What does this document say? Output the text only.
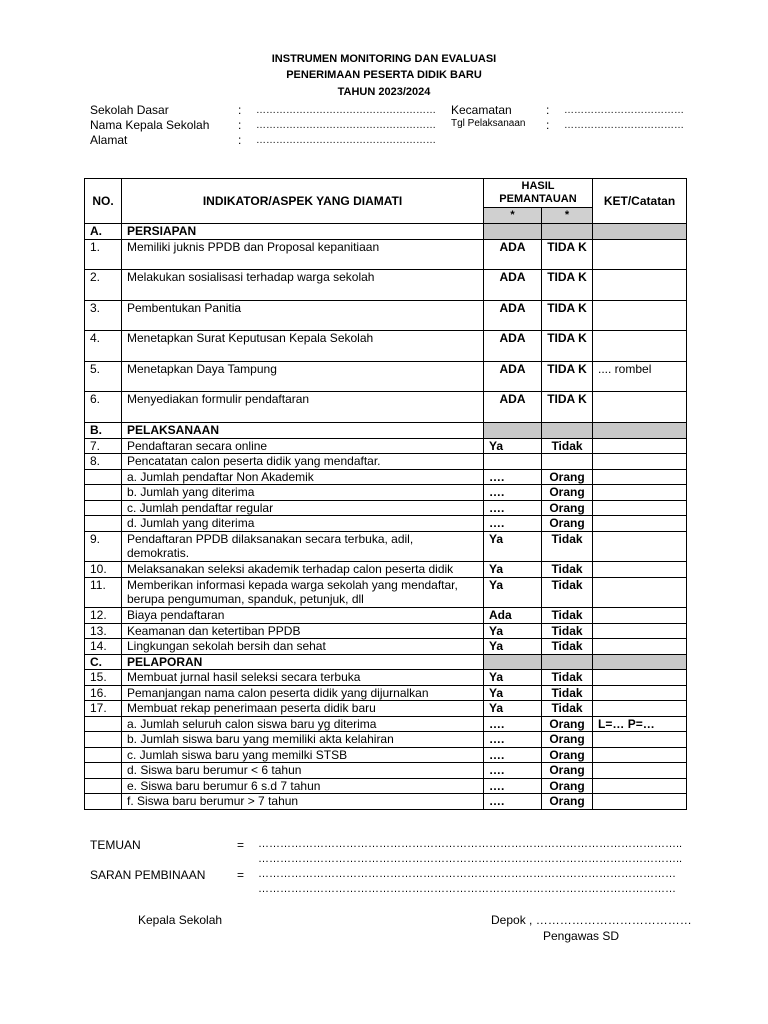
INSTRUMEN MONITORING DAN EVALUASI
PENERIMAAN PESERTA DIDIK BARU
TAHUN 2023/2024
Sekolah Dasar	: ……………………………………………… Kecamatan	: ………………………………
Nama Kepala Sekolah : ……………………………………………… Tgl Pelaksanaan : ………………………………
Alamat	: ………………………………………………
NO.	INDIKATOR/ASPEK YANG DIAMATI	HASIL PEMANTAUAN		KET/Catatan
		*	*	
A.	PERSIAPAN			
1.	Memiliki juknis PPDB dan Proposal kepanitiaan	ADA	TIDA K	
2.	Melakukan sosialisasi terhadap warga sekolah	ADA	TIDA K	
3.	Pembentukan Panitia	ADA	TIDA K	
4.	Menetapkan Surat Keputusan Kepala Sekolah	ADA	TIDA K	
5.	Menetapkan Daya Tampung	ADA	TIDA K	.... rombel
6.	Menyediakan formulir pendaftaran	ADA	TIDA K	
B.	PELAKSANAAN			
7.	Pendaftaran secara online	Ya	Tidak	
8.	Pencatatan calon peserta didik yang mendaftar.			
	a. Jumlah pendaftar Non Akademik	….	Orang	
	b. Jumlah yang diterima	….	Orang	
	c. Jumlah pendaftar regular	….	Orang	
	d. Jumlah yang diterima	….	Orang	
9.	Pendaftaran PPDB dilaksanakan secara terbuka, adil, demokratis.	Ya	Tidak	
10.	Melaksanakan seleksi akademik terhadap calon peserta didik	Ya	Tidak	
11.	Memberikan informasi kepada warga sekolah yang mendaftar, berupa pengumuman, spanduk, petunjuk, dll	Ya	Tidak	
12.	Biaya pendaftaran	Ada	Tidak	
13.	Keamanan dan ketertiban PPDB	Ya	Tidak	
14.	Lingkungan sekolah bersih dan sehat	Ya	Tidak	
C.	PELAPORAN			
15.	Membuat jurnal hasil seleksi secara terbuka	Ya	Tidak	
16.	Pemanjangan nama calon peserta didik yang dijurnalkan	Ya	Tidak	
17.	Membuat rekap penerimaan peserta didik baru	Ya	Tidak	
	a. Jumlah seluruh calon siswa baru yg diterima	….	Orang	L=… P=…
	b. Jumlah siswa baru yang memiliki akta kelahiran	….	Orang	
	c. Jumlah siswa baru yang memilki STSB	….	Orang	
	d. Siswa baru berumur < 6 tahun	….	Orang	
	e. Siswa baru berumur 6 s.d 7 tahun	….	Orang	
	f. Siswa baru berumur > 7 tahun	….	Orang	
TEMUAN	= ……………………………………………………………………………………………………..
……………………………………………………………………………………………………..
SARAN PEMBINAAN	= ……………………………………………………………………………………………………
……………………………………………………………………………………………………
Kepala Sekolah	Depok , …………………………………
Pengawas SD
